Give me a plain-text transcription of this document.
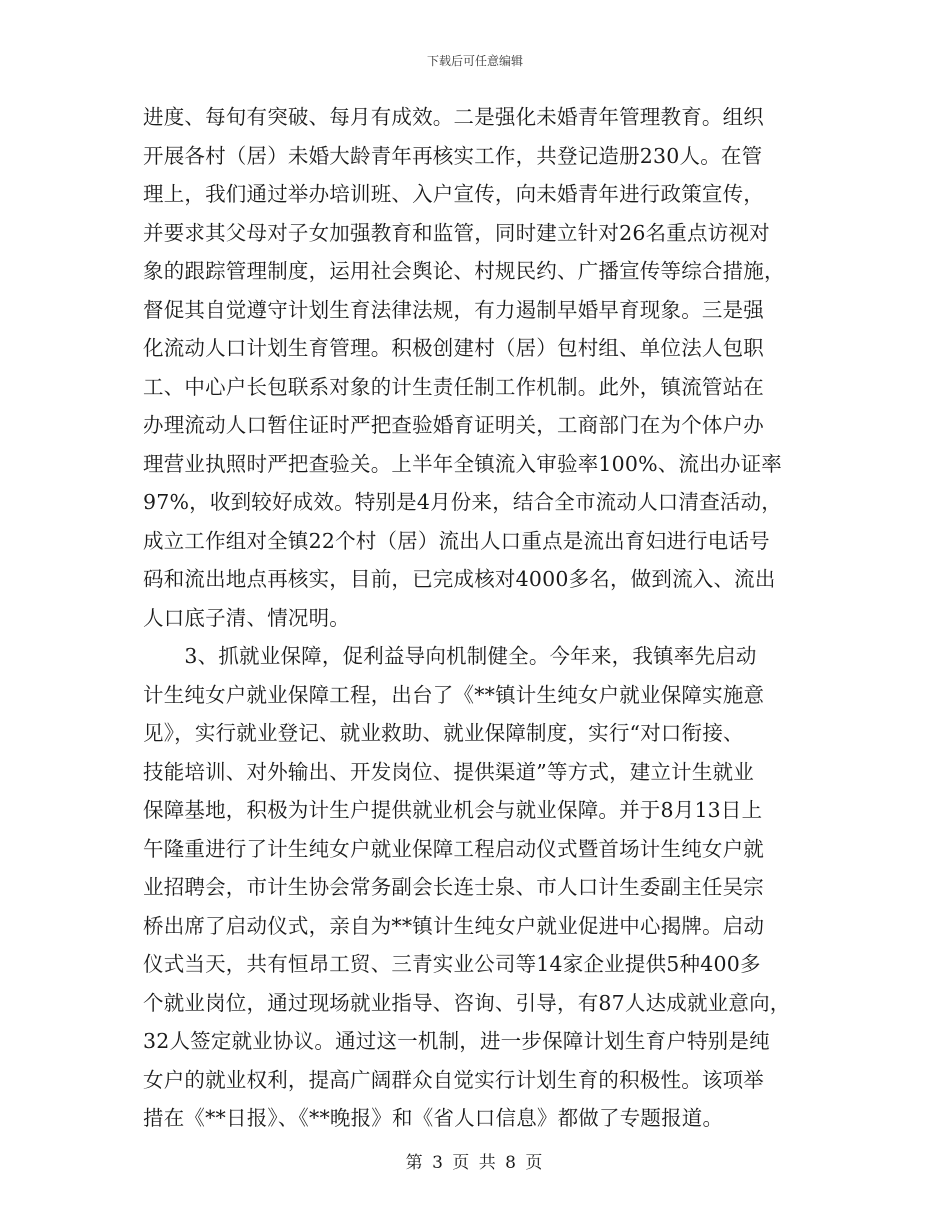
下载后可任意编辑
进度、每旬有突破、每月有成效。二是强化未婚青年管理教育。组织
开展各村（居）未婚大龄青年再核实工作，共登记造册230人。在管
理上，我们通过举办培训班、入户宣传，向未婚青年进行政策宣传，
并要求其父母对子女加强教育和监管，同时建立针对26名重点访视对
象的跟踪管理制度，运用社会舆论、村规民约、广播宣传等综合措施，
督促其自觉遵守计划生育法律法规，有力遏制早婚早育现象。三是强
化流动人口计划生育管理。积极创建村（居）包村组、单位法人包职
工、中心户长包联系对象的计生责任制工作机制。此外，镇流管站在
办理流动人口暂住证时严把查验婚育证明关，工商部门在为个体户办
理营业执照时严把查验关。上半年全镇流入审验率100%、流出办证率
97%，收到较好成效。特别是4月份来，结合全市流动人口清查活动，
成立工作组对全镇22个村（居）流出人口重点是流出育妇进行电话号
码和流出地点再核实，目前，已完成核对4000多名，做到流入、流出
人口底子清、情况明。
　　3、抓就业保障，促利益导向机制健全。今年来，我镇率先启动
计生纯女户就业保障工程，出台了《**镇计生纯女户就业保障实施意
见》，实行就业登记、就业救助、就业保障制度，实行“对口衔接、
技能培训、对外输出、开发岗位、提供渠道”等方式，建立计生就业
保障基地，积极为计生户提供就业机会与就业保障。并于8月13日上
午隆重进行了计生纯女户就业保障工程启动仪式暨首场计生纯女户就
业招聘会，市计生协会常务副会长连士泉、市人口计生委副主任吴宗
桥出席了启动仪式，亲自为**镇计生纯女户就业促进中心揭牌。启动
仪式当天，共有恒昂工贸、三青实业公司等14家企业提供5种400多
个就业岗位，通过现场就业指导、咨询、引导，有87人达成就业意向，
32人签定就业协议。通过这一机制，进一步保障计划生育户特别是纯
女户的就业权利，提高广阔群众自觉实行计划生育的积极性。该项举
措在《**日报》、《**晚报》和《省人口信息》都做了专题报道。
第 3 页 共 8 页
